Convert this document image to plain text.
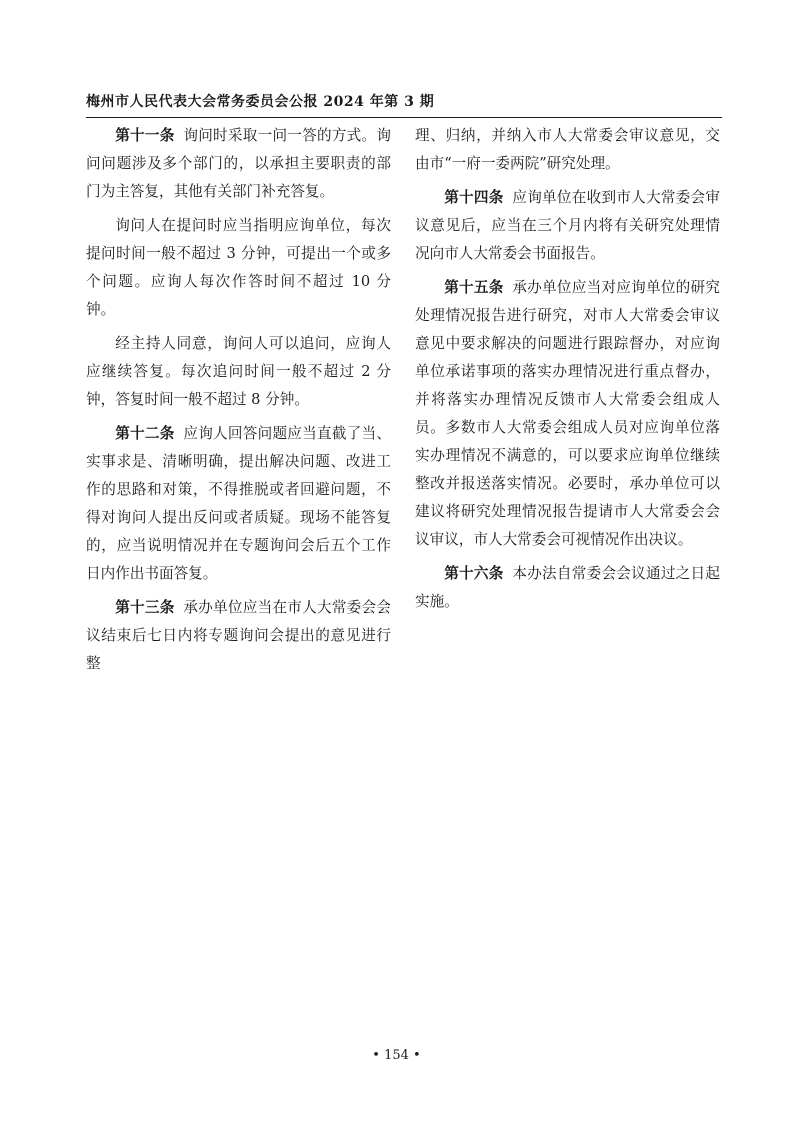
梅州市人民代表大会常务委员会公报 2024 年第 3 期

第十一条 询问时采取一问一答的方式。询问问题涉及多个部门的，以承担主要职责的部门为主答复，其他有关部门补充答复。

询问人在提问时应当指明应询单位，每次提问时间一般不超过 3 分钟，可提出一个或多个问题。应询人每次作答时间不超过 10 分钟。

经主持人同意，询问人可以追问，应询人应继续答复。每次追问时间一般不超过 2 分钟，答复时间一般不超过 8 分钟。

第十二条 应询人回答问题应当直截了当、实事求是、清晰明确，提出解决问题、改进工作的思路和对策，不得推脱或者回避问题，不得对询问人提出反问或者质疑。现场不能答复的，应当说明情况并在专题询问会后五个工作日内作出书面答复。

第十三条 承办单位应当在市人大常委会会议结束后七日内将专题询问会提出的意见进行整

理、归纳，并纳入市人大常委会审议意见，交由市“一府一委两院”研究处理。

第十四条 应询单位在收到市人大常委会审议意见后，应当在三个月内将有关研究处理情况向市人大常委会书面报告。

第十五条 承办单位应当对应询单位的研究处理情况报告进行研究，对市人大常委会审议意见中要求解决的问题进行跟踪督办，对应询单位承诺事项的落实办理情况进行重点督办，并将落实办理情况反馈市人大常委会组成人员。多数市人大常委会组成人员对应询单位落实办理情况不满意的，可以要求应询单位继续整改并报送落实情况。必要时，承办单位可以建议将研究处理情况报告提请市人大常委会会议审议，市人大常委会可视情况作出决议。

第十六条 本办法自常委会会议通过之日起实施。

• 154 •
